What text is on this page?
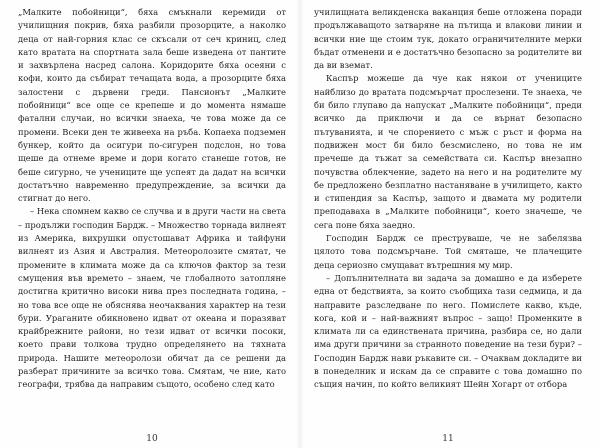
„Малките побойници“, бяха смъкнали керемиди от училищния покрив, бяха разбили прозорците, а наколко деца от най-горния клас се скъсали от сеч криниц, след като вратата на спортната зала беше изведена от пантите и захвърлена насред салона. Коридорите бяха осеяни с кофи, които да събират течащата вода, а прозорците бяха залостени с дървени греди. Пансионът „Малките побойници“ все още се крепеше и до момента нямаше фатални случаи, но всички знаеха, че това може да се промени. Всеки ден те живееха на ръба. Копаеха подземен бункер, който да осигури по-сигурен подслон, но това щеше да отнеме време и дори когато станеше готов, не беше сигурно, че учениците ще успеят да дадат на всички достатъчно навременно предупреждение, за всички да стигнат до него.

– Нека спомнем какво се случва и в други части на света – продължи господин Бардж. – Множество торнада вилнеят из Америка, вихрушки опустошават Африка и тайфуни вилнеят из Азия и Австралия. Метеоролозите смятат, че промените в климата може да са ключов фактор за тези смущения във времето – знаем, че глобалното затопляне достигна критично високи нива през последната година, – но това все още не обяснява неочаквания характер на тези бури. Ураганите обикновено идват от океана и поразяват крайбрежните райони, но тези идват от всички посоки, което прави толкова трудно определянето на тяхната природа. Нашите метеоролози обичат да се решени да разберат причините за всичко това. Смятам, че ние, като географи, трябва да направим същото, особено след като

10

училищната великденска ваканция беше отложена поради продължаващото затваряне на пътища и влакови линии и всички ние ще стоим тук, докато ограничителните мерки бъдат отменени и е достатъчно безопасно за родителите ви да ви вземат.

Каспър можеше да чуе как някои от учениците найблизо до вратата подсмърчат прослезени. Те знаеха, че би било глупаво да напускат „Малките побойници“, преди всичко да приключи и да се върнат безопасно пътуванията, и че спорението с мъж с ръст и форма на подвижен мост би било безсмислено, но това не им пречеше да тъжат за семействата си. Каспър внезапно почувства облекчение, задето на него и на родителите му бе предложено безплатно настаняване в училището, както и стипендия за Каспър, защото и двамата му родители преподаваха в „Малките побойници“, което значеше, че сега поне бяха заедно.

Господин Бардж се преструваше, че не забелязва цялото това подсмърчане. Той смяташе, че плачещите деца сериозно смущават вътрешния му мир.

– Допълнителната ви задача за домашно е да изберете една от бедствията, за които съобщиха тази седмица, и да направите разследване по него. Помислете какво, къде, кога, кой и – най-важният въпрос – защо! Променките в климата ли са единствената причина, разбира се, но дали има други причини за странното поведение на тези бури? – Господин Бардж нави ръкавите си. – Очаквам докладите ви в понеделник и искам да се справите с това домашно по същия начин, по който великият Шейн Хогарт от отбора

11
